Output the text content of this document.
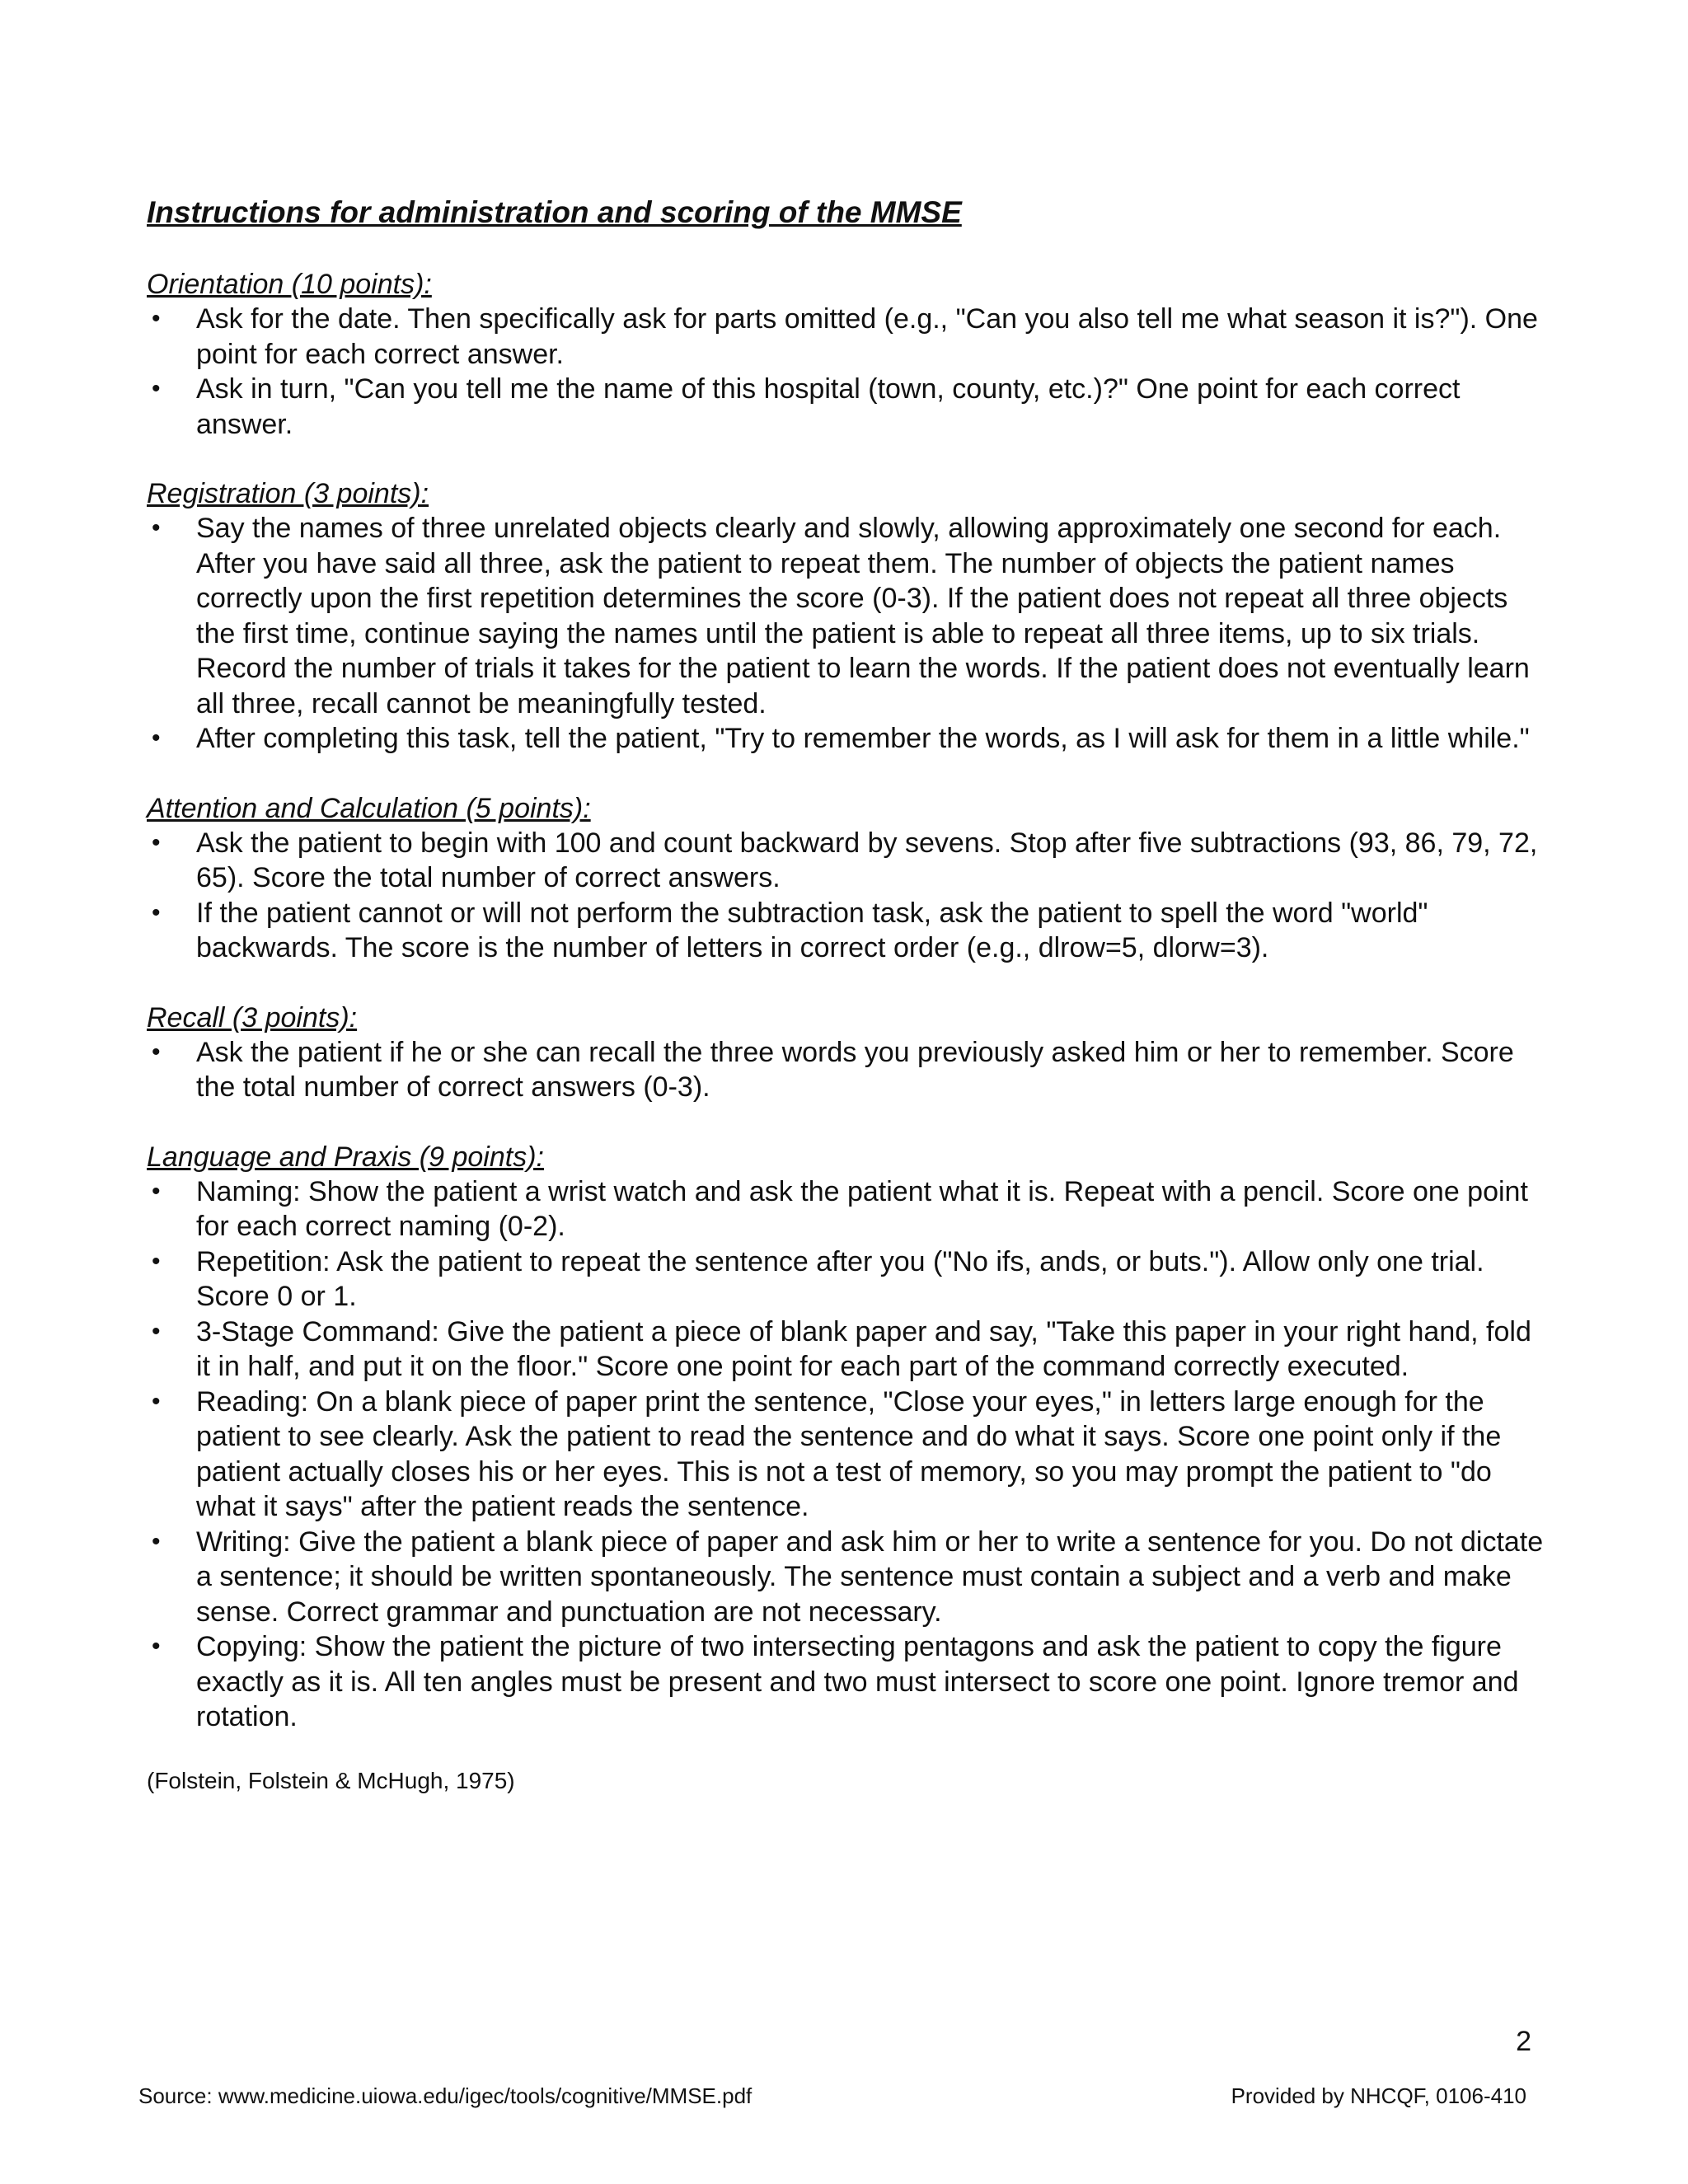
Instructions for administration and scoring of the MMSE

Orientation (10 points):

• Ask for the date. Then specifically ask for parts omitted (e.g., "Can you also tell me what season it is?"). One point for each correct answer.
• Ask in turn, "Can you tell me the name of this hospital (town, county, etc.)?" One point for each correct answer.

Registration (3 points):

• Say the names of three unrelated objects clearly and slowly, allowing approximately one second for each. After you have said all three, ask the patient to repeat them. The number of objects the patient names correctly upon the first repetition determines the score (0-3). If the patient does not repeat all three objects the first time, continue saying the names until the patient is able to repeat all three items, up to six trials. Record the number of trials it takes for the patient to learn the words. If the patient does not eventually learn all three, recall cannot be meaningfully tested.
• After completing this task, tell the patient, "Try to remember the words, as I will ask for them in a little while."

Attention and Calculation (5 points):

• Ask the patient to begin with 100 and count backward by sevens. Stop after five subtractions (93, 86, 79, 72, 65). Score the total number of correct answers.
• If the patient cannot or will not perform the subtraction task, ask the patient to spell the word "world" backwards. The score is the number of letters in correct order (e.g., dlrow=5, dlorw=3).

Recall (3 points):

• Ask the patient if he or she can recall the three words you previously asked him or her to remember. Score the total number of correct answers (0-3).

Language and Praxis (9 points):

• Naming: Show the patient a wrist watch and ask the patient what it is. Repeat with a pencil. Score one point for each correct naming (0-2).
• Repetition: Ask the patient to repeat the sentence after you ("No ifs, ands, or buts."). Allow only one trial. Score 0 or 1.
• 3-Stage Command: Give the patient a piece of blank paper and say, "Take this paper in your right hand, fold it in half, and put it on the floor." Score one point for each part of the command correctly executed.
• Reading: On a blank piece of paper print the sentence, "Close your eyes," in letters large enough for the patient to see clearly. Ask the patient to read the sentence and do what it says. Score one point only if the patient actually closes his or her eyes. This is not a test of memory, so you may prompt the patient to "do what it says" after the patient reads the sentence.
• Writing: Give the patient a blank piece of paper and ask him or her to write a sentence for you. Do not dictate a sentence; it should be written spontaneously. The sentence must contain a subject and a verb and make sense. Correct grammar and punctuation are not necessary.
• Copying: Show the patient the picture of two intersecting pentagons and ask the patient to copy the figure exactly as it is. All ten angles must be present and two must intersect to score one point. Ignore tremor and rotation.

(Folstein, Folstein & McHugh, 1975)

2
Source: www.medicine.uiowa.edu/igec/tools/cognitive/MMSE.pdf	Provided by NHCQF, 0106-410
